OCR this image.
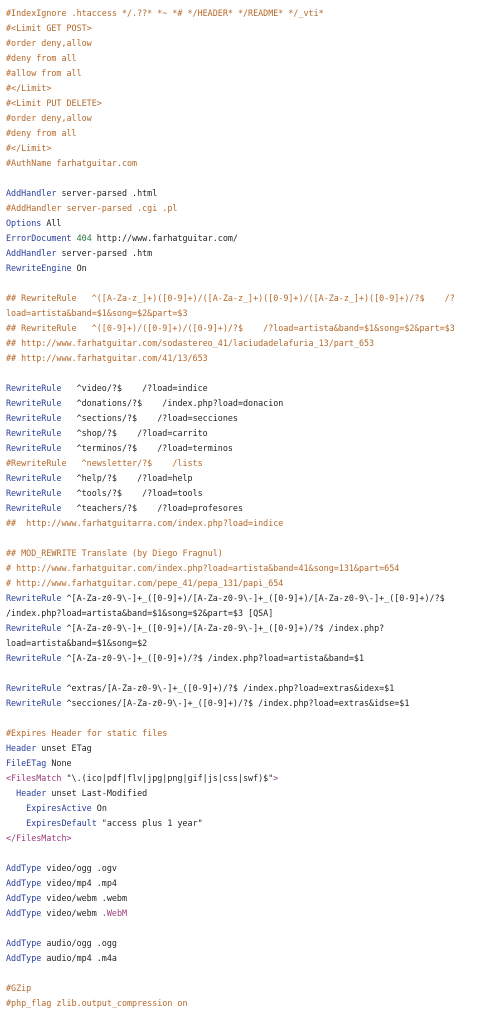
#IndexIgnore .htaccess */.??* *~ *# */HEADER* */README* */_vti*
#<Limit GET POST>
#order deny,allow
#deny from all
#allow from all
#</Limit>
#<Limit PUT DELETE>
#order deny,allow
#deny from all
#</Limit>
#AuthName farhatguitar.com
AddHandler server-parsed .html
#AddHandler server-parsed .cgi .pl
Options All
ErrorDocument 404 http://www.farhatguitar.com/
AddHandler server-parsed .htm
RewriteEngine On
## RewriteRule   ^([A-Za-z_]+)([0-9]+)/([A-Za-z_]+)([0-9]+)/([A-Za-z_]+)([0-9]+)/?$    /?
load=artista&band=$1&song=$2&part=$3
## RewriteRule   ^([0-9]+)/([0-9]+)/([0-9]+)/?$    /?load=artista&band=$1&song=$2&part=$3
## http://www.farhatguitar.com/sodastereo_41/laciudadelafuria_13/part_653
## http://www.farhatguitar.com/41/13/653
RewriteRule   ^video/?$    /?load=indice
RewriteRule   ^donations/?$    /index.php?load=donacion
RewriteRule   ^sections/?$    /?load=secciones
RewriteRule   ^shop/?$    /?load=carrito
RewriteRule   ^terminos/?$    /?load=terminos
#RewriteRule   ^newsletter/?$    /lists
RewriteRule   ^help/?$    /?load=help
RewriteRule   ^tools/?$    /?load=tools
RewriteRule   ^teachers/?$    /?load=profesores
##  http://www.farhatguitarra.com/index.php?load=indice
## MOD_REWRITE Translate (by Diego Fragnul)
# http://www.farhatguitar.com/index.php?load=artista&band=41&song=131&part=654
# http://www.farhatguitar.com/pepe_41/pepa_131/papi_654
RewriteRule ^[A-Za-z0-9\-]+_([0-9]+)/[A-Za-z0-9\-]+_([0-9]+)/[A-Za-z0-9\-]+_([0-9]+)/?$
/index.php?load=artista&band=$1&song=$2&part=$3 [QSA]
RewriteRule ^[A-Za-z0-9\-]+_([0-9]+)/[A-Za-z0-9\-]+_([0-9]+)/?$ /index.php?
load=artista&band=$1&song=$2
RewriteRule ^[A-Za-z0-9\-]+_([0-9]+)/?$ /index.php?load=artista&band=$1
RewriteRule ^extras/[A-Za-z0-9\-]+_([0-9]+)/?$ /index.php?load=extras&idex=$1
RewriteRule ^secciones/[A-Za-z0-9\-]+_([0-9]+)/?$ /index.php?load=extras&idse=$1
#Expires Header for static files
Header unset ETag
FileETag None
<FilesMatch "\.(ico|pdf|flv|jpg|png|gif|js|css|swf)$">
Header unset Last-Modified
ExpiresActive On
ExpiresDefault "access plus 1 year"
</FilesMatch>
AddType video/ogg .ogv
AddType video/mp4 .mp4
AddType video/webm .webm
AddType video/webm .WebM
AddType audio/ogg .ogg
AddType audio/mp4 .m4a
#GZip
#php_flag zlib.output_compression on
